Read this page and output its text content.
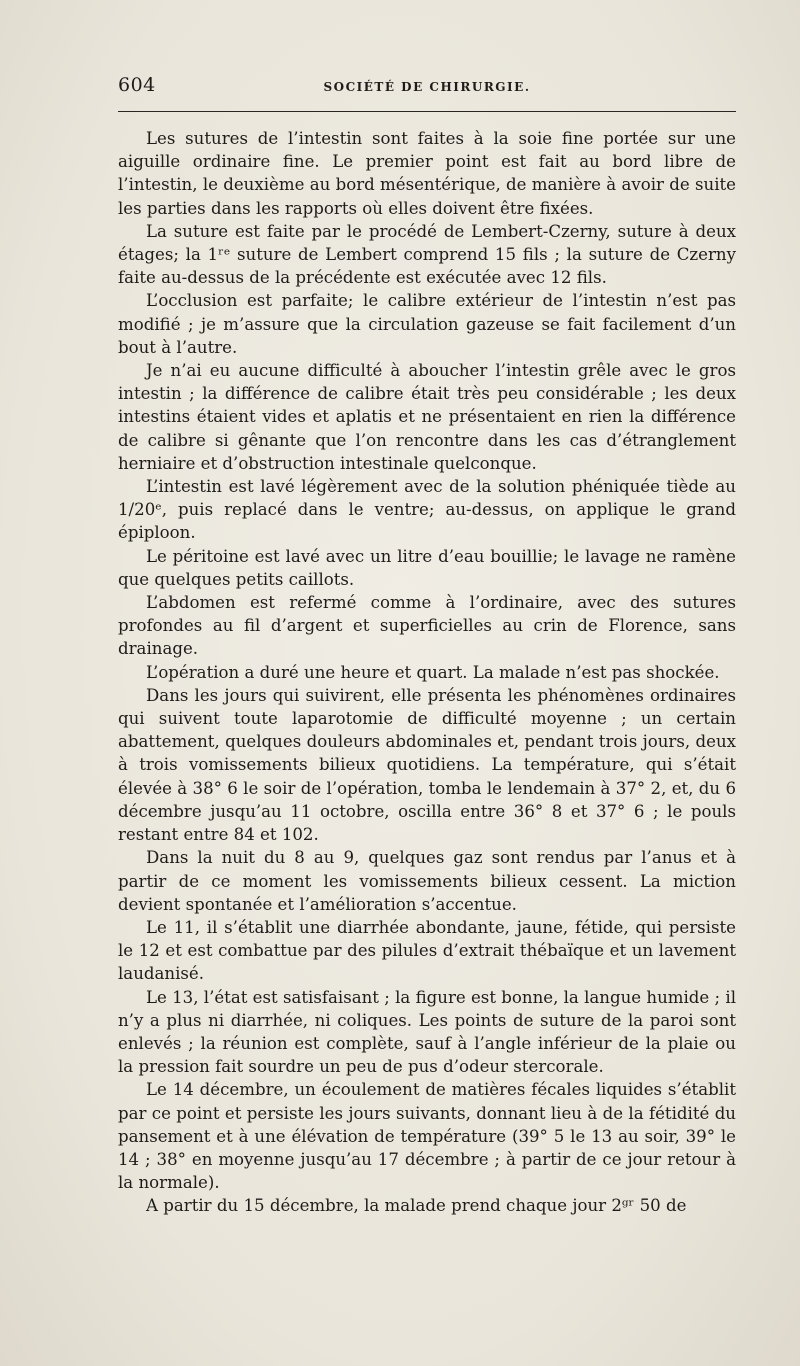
604	SOCIÉTÉ DE CHIRURGIE.

Les sutures de l’intestin sont faites à la soie fine portée sur une aiguille ordinaire fine. Le premier point est fait au bord libre de l’intestin, le deuxième au bord mésentérique, de manière à avoir de suite les parties dans les rapports où elles doivent être fixées.

La suture est faite par le procédé de Lembert-Czerny, suture à deux étages; la 1ʳᵉ suture de Lembert comprend 15 fils ; la suture de Czerny faite au-dessus de la précédente est exécutée avec 12 fils.

L’occlusion est parfaite; le calibre extérieur de l’intestin n’est pas modifié ; je m’assure que la circulation gazeuse se fait facilement d’un bout à l’autre.

Je n’ai eu aucune difficulté à aboucher l’intestin grêle avec le gros intestin ; la différence de calibre était très peu considérable ; les deux intestins étaient vides et aplatis et ne présentaient en rien la différence de calibre si gênante que l’on rencontre dans les cas d’étranglement herniaire et d’obstruction intestinale quelconque.

L’intestin est lavé légèrement avec de la solution phéniquée tiède au 1/20ᵉ, puis replacé dans le ventre; au-dessus, on applique le grand épiploon.

Le péritoine est lavé avec un litre d’eau bouillie; le lavage ne ramène que quelques petits caillots.

L’abdomen est refermé comme à l’ordinaire, avec des sutures profondes au fil d’argent et superficielles au crin de Florence, sans drainage.

L’opération a duré une heure et quart. La malade n’est pas shockée.

Dans les jours qui suivirent, elle présenta les phénomènes ordinaires qui suivent toute laparotomie de difficulté moyenne ; un certain abattement, quelques douleurs abdominales et, pendant trois jours, deux à trois vomissements bilieux quotidiens. La température, qui s’était élevée à 38° 6 le soir de l’opération, tomba le lendemain à 37° 2, et, du 6 décembre jusqu’au 11 octobre, oscilla entre 36° 8 et 37° 6 ; le pouls restant entre 84 et 102.

Dans la nuit du 8 au 9, quelques gaz sont rendus par l’anus et à partir de ce moment les vomissements bilieux cessent. La miction devient spontanée et l’amélioration s’accentue.

Le 11, il s’établit une diarrhée abondante, jaune, fétide, qui persiste le 12 et est combattue par des pilules d’extrait thébaïque et un lavement laudanisé.

Le 13, l’état est satisfaisant ; la figure est bonne, la langue humide ; il n’y a plus ni diarrhée, ni coliques. Les points de suture de la paroi sont enlevés ; la réunion est complète, sauf à l’angle inférieur de la plaie ou la pression fait sourdre un peu de pus d’odeur stercorale.

Le 14 décembre, un écoulement de matières fécales liquides s’établit par ce point et persiste les jours suivants, donnant lieu à de la fétidité du pansement et à une élévation de température (39° 5 le 13 au soir, 39° le 14 ; 38° en moyenne jusqu’au 17 décembre ; à partir de ce jour retour à la normale).

A partir du 15 décembre, la malade prend chaque jour 2ᵍʳ 50 de
